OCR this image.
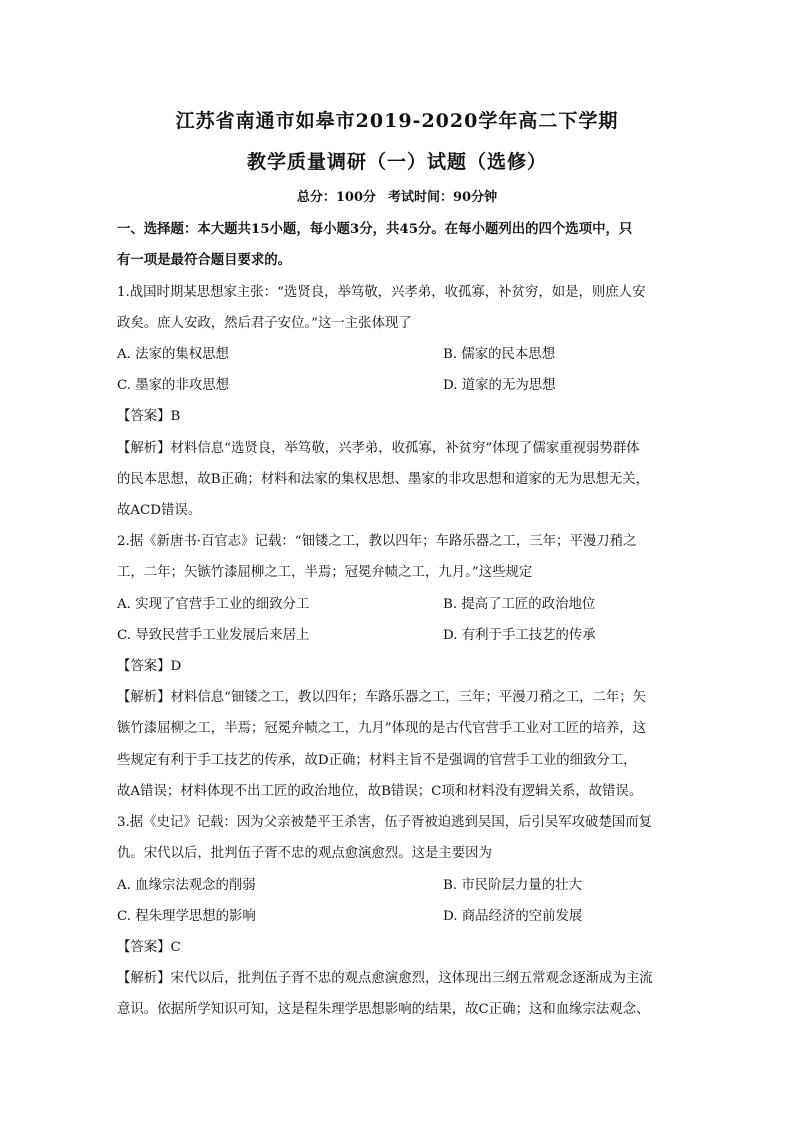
江苏省南通市如皋市2019-2020学年高二下学期
教学质量调研（一）试题（选修）
总分：100分 考试时间：90分钟
一、选择题：本大题共15小题，每小题3分，共45分。在每小题列出的四个选项中，只
有一项是最符合题目要求的。
1.战国时期某思想家主张：“选贤良，举笃敬，兴孝弟，收孤寡，补贫穷，如是，则庶人安
政矣。庶人安政，然后君子安位。”这一主张体现了
A. 法家的集权思想	B. 儒家的民本思想
C. 墨家的非攻思想	D. 道家的无为思想
【答案】B
【解析】材料信息“选贤良，举笃敬，兴孝弟，收孤寡，补贫穷”体现了儒家重视弱势群体
的民本思想，故B正确；材料和法家的集权思想、墨家的非攻思想和道家的无为思想无关，
故ACD错误。
2.据《新唐书·百官志》记载：“钿镂之工，教以四年；车路乐器之工，三年；平漫刀矟之
工，二年；矢镞竹漆屈柳之工，半焉；冠冕弁帻之工，九月。”这些规定
A. 实现了官营手工业的细致分工	B. 提高了工匠的政治地位
C. 导致民营手工业发展后来居上	D. 有利于手工技艺的传承
【答案】D
【解析】材料信息“钿镂之工，教以四年；车路乐器之工，三年；平漫刀矟之工，二年；矢
镞竹漆屈柳之工，半焉；冠冕弁帻之工，九月”体现的是古代官营手工业对工匠的培养，这
些规定有利于手工技艺的传承，故D正确；材料主旨不是强调的官营手工业的细致分工，
故A错误；材料体现不出工匠的政治地位，故B错误；C项和材料没有逻辑关系，故错误。
3.据《史记》记载：因为父亲被楚平王杀害，伍子胥被迫逃到吴国，后引吴军攻破楚国而复
仇。宋代以后，批判伍子胥不忠的观点愈演愈烈。这是主要因为
A. 血缘宗法观念的削弱	B. 市民阶层力量的壮大
C. 程朱理学思想的影响	D. 商品经济的空前发展
【答案】C
【解析】宋代以后，批判伍子胥不忠的观点愈演愈烈，这体现出三纲五常观念逐渐成为主流
意识。依据所学知识可知，这是程朱理学思想影响的结果，故C正确；这和血缘宗法观念、
